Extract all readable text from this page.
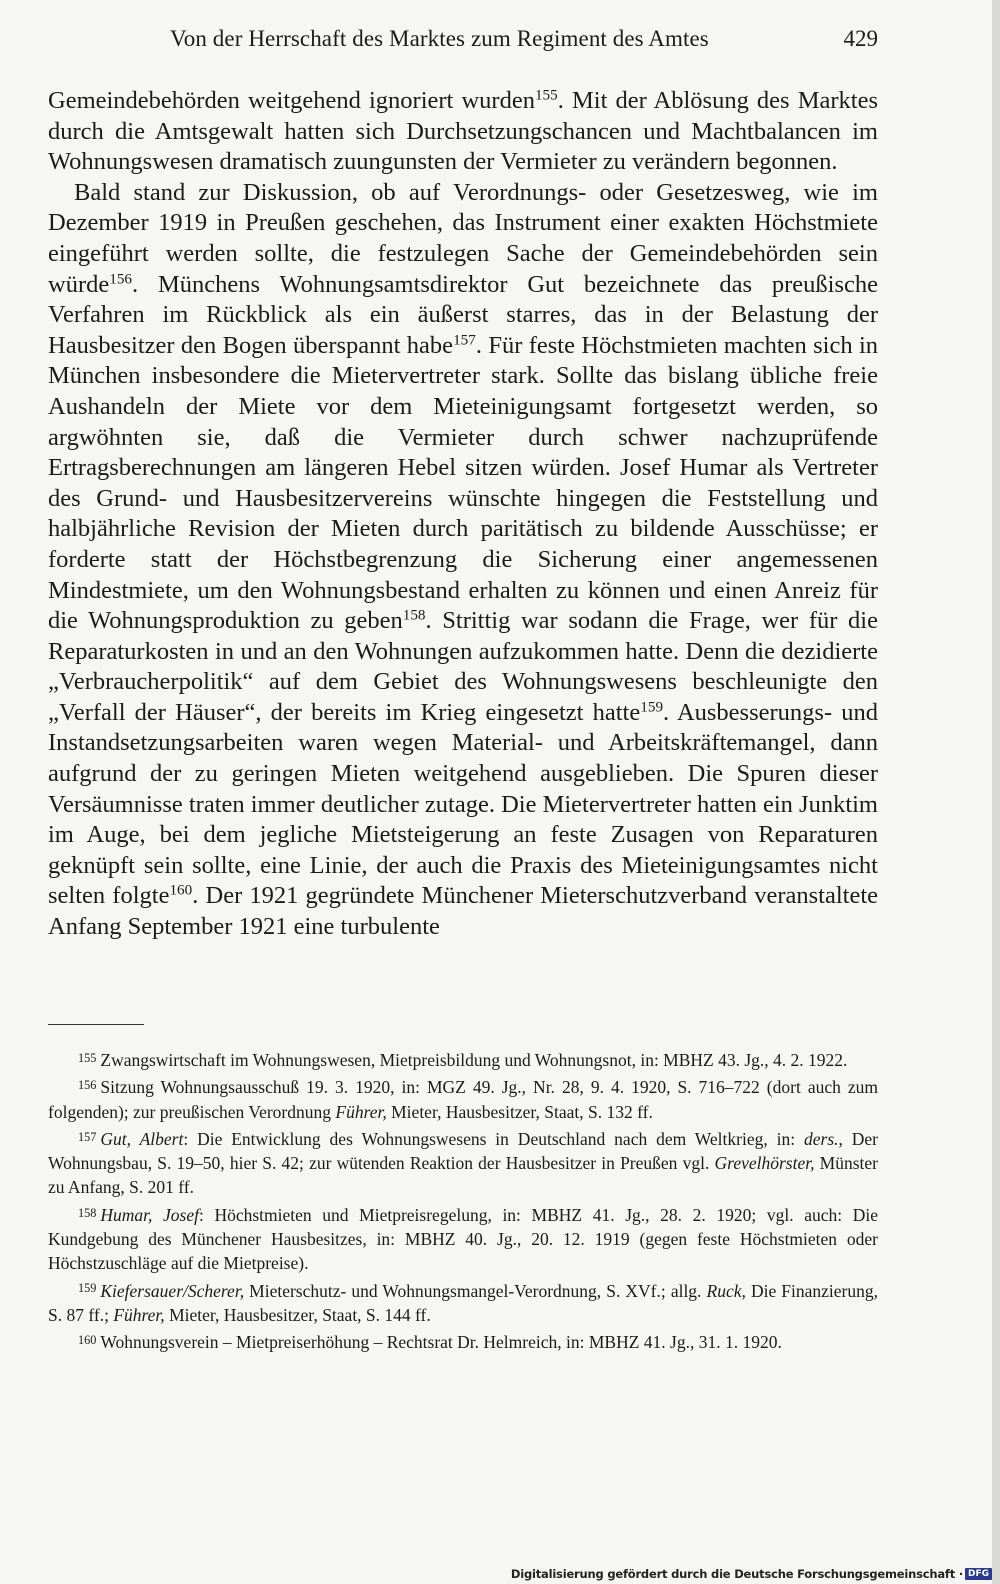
Von der Herrschaft des Marktes zum Regiment des Amtes	429

Gemeindebehörden weitgehend ignoriert wurden$^{155}$. Mit der Ablösung des Marktes durch die Amtsgewalt hatten sich Durchsetzungschancen und Machtbalancen im Wohnungswesen dramatisch zuungunsten der Vermieter zu verändern begonnen.

Bald stand zur Diskussion, ob auf Verordnungs- oder Gesetzesweg, wie im Dezember 1919 in Preußen geschehen, das Instrument einer exakten Höchstmiete eingeführt werden sollte, die festzulegen Sache der Gemeindebehörden sein würde$^{156}$. Münchens Wohnungsamtsdirektor Gut bezeichnete das preußische Verfahren im Rückblick als ein äußerst starres, das in der Belastung der Hausbesitzer den Bogen überspannt habe$^{157}$. Für feste Höchstmieten machten sich in München insbesondere die Mietervertreter stark. Sollte das bislang übliche freie Aushandeln der Miete vor dem Mieteinigungsamt fortgesetzt werden, so argwöhnten sie, daß die Vermieter durch schwer nachzuprüfende Ertragsberechnungen am längeren Hebel sitzen würden. Josef Humar als Vertreter des Grund- und Hausbesitzervereins wünschte hingegen die Feststellung und halbjährliche Revision der Mieten durch paritätisch zu bildende Ausschüsse; er forderte statt der Höchstbegrenzung die Sicherung einer angemessenen Mindestmiete, um den Wohnungsbestand erhalten zu können und einen Anreiz für die Wohnungsproduktion zu geben$^{158}$. Strittig war sodann die Frage, wer für die Reparaturkosten in und an den Wohnungen aufzukommen hatte. Denn die dezidierte „Verbraucherpolitik“ auf dem Gebiet des Wohnungswesens beschleunigte den „Verfall der Häuser“, der bereits im Krieg eingesetzt hatte$^{159}$. Ausbesserungs- und Instandsetzungsarbeiten waren wegen Material- und Arbeitskräftemangel, dann aufgrund der zu geringen Mieten weitgehend ausgeblieben. Die Spuren dieser Versäumnisse traten immer deutlicher zutage. Die Mietervertreter hatten ein Junktim im Auge, bei dem jegliche Mietsteigerung an feste Zusagen von Reparaturen geknüpft sein sollte, eine Linie, der auch die Praxis des Mieteinigungsamtes nicht selten folgte$^{160}$. Der 1921 gegründete Münchener Mieterschutzverband veranstaltete Anfang September 1921 eine turbulente

$^{155}$ Zwangswirtschaft im Wohnungswesen, Mietpreisbildung und Wohnungsnot, in: MBHZ 43. Jg., 4. 2. 1922.

$^{156}$ Sitzung Wohnungsausschuß 19. 3. 1920, in: MGZ 49. Jg., Nr. 28, 9. 4. 1920, S. 716–722 (dort auch zum folgenden); zur preußischen Verordnung Führer, Mieter, Hausbesitzer, Staat, S. 132 ff.

$^{157}$ Gut, Albert: Die Entwicklung des Wohnungswesens in Deutschland nach dem Weltkrieg, in: ders., Der Wohnungsbau, S. 19–50, hier S. 42; zur wütenden Reaktion der Hausbesitzer in Preußen vgl. Grevelhörster, Münster zu Anfang, S. 201 ff.

$^{158}$ Humar, Josef: Höchstmieten und Mietpreisregelung, in: MBHZ 41. Jg., 28. 2. 1920; vgl. auch: Die Kundgebung des Münchener Hausbesitzes, in: MBHZ 40. Jg., 20. 12. 1919 (gegen feste Höchstmieten oder Höchstzuschläge auf die Mietpreise).

$^{159}$ Kiefersauer/Scherer, Mieterschutz- und Wohnungsmangel-Verordnung, S. XVf.; allg. Ruck, Die Finanzierung, S. 87 ff.; Führer, Mieter, Hausbesitzer, Staat, S. 144 ff.

$^{160}$ Wohnungsverein – Mietpreiserhöhung – Rechtsrat Dr. Helmreich, in: MBHZ 41. Jg., 31. 1. 1920.

Digitalisierung gefördert durch die Deutsche Forschungsgemeinschaft · DFG
